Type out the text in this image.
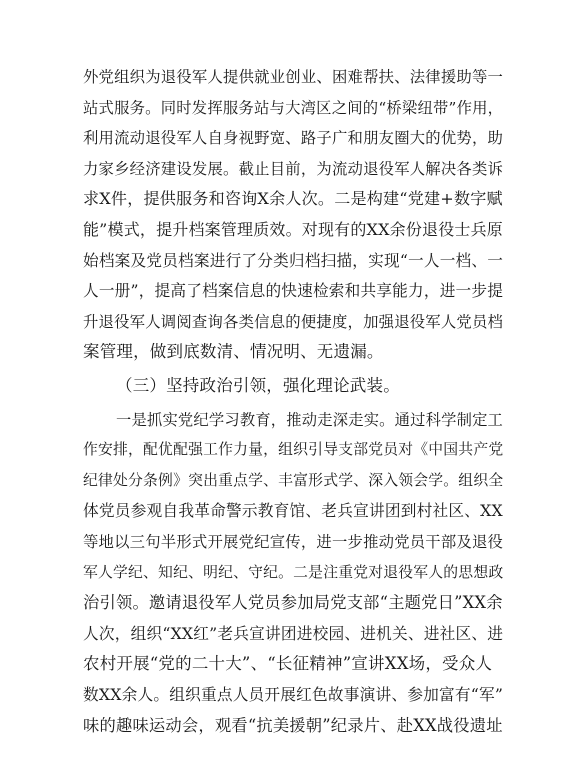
外党组织为退役军人提供就业创业、困难帮扶、法律援助等一
站式服务。同时发挥服务站与大湾区之间的“桥梁纽带”作用，
利用流动退役军人自身视野宽、路子广和朋友圈大的优势，助
力家乡经济建设发展。截止目前，为流动退役军人解决各类诉
求X件，提供服务和咨询X余人次。二是构建“党建+数字赋
能”模式，提升档案管理质效。对现有的XX余份退役士兵原
始档案及党员档案进行了分类归档扫描，实现“一人一档、一
人一册”，提高了档案信息的快速检索和共享能力，进一步提
升退役军人调阅查询各类信息的便捷度，加强退役军人党员档
案管理，做到底数清、情况明、无遗漏。
（三）坚持政治引领，强化理论武装。
一是抓实党纪学习教育，推动走深走实。通过科学制定工
作安排，配优配强工作力量，组织引导支部党员对《中国共产党
纪律处分条例》突出重点学、丰富形式学、深入领会学。组织全
体党员参观自我革命警示教育馆、老兵宣讲团到村社区、XX
等地以三句半形式开展党纪宣传，进一步推动党员干部及退役
军人学纪、知纪、明纪、守纪。二是注重党对退役军人的思想政
治引领。邀请退役军人党员参加局党支部“主题党日”XX余
人次，组织“XX红”老兵宣讲团进校园、进机关、进社区、进
农村开展“党的二十大”、“长征精神”宣讲XX场，受众人
数XX余人。组织重点人员开展红色故事演讲、参加富有“军”
味的趣味运动会，观看“抗美援朝”纪录片、赴XX战役遗址
